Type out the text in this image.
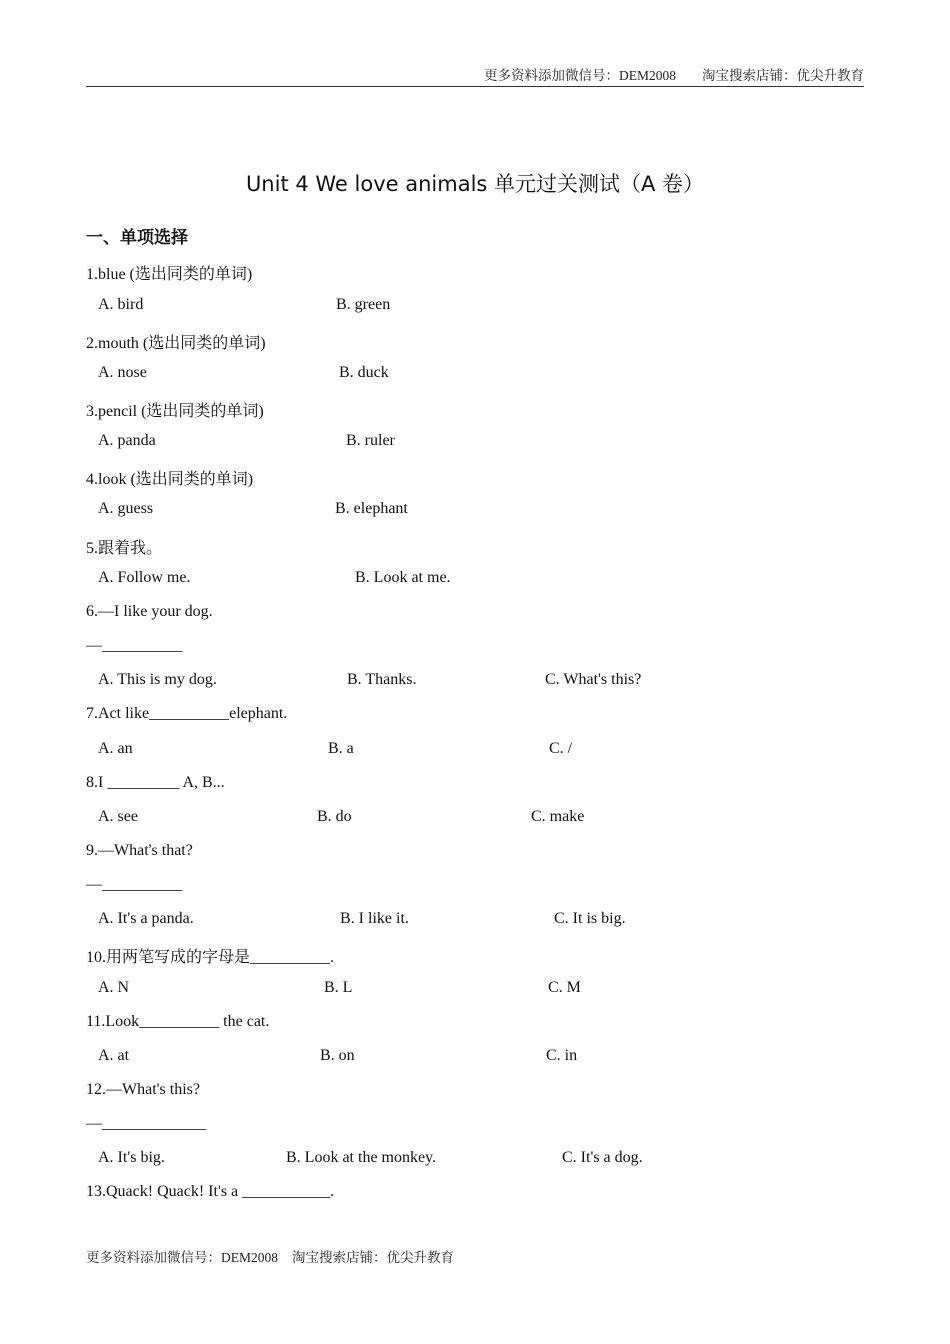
更多资料添加微信号：DEM2008 淘宝搜索店铺：优尖升教育
Unit 4 We love animals 单元过关测试（A 卷）
一、单项选择
1.blue (选出同类的单词)
A. bird	B. green
2.mouth (选出同类的单词)
A. nose	B. duck
3.pencil (选出同类的单词)
A. panda	B. ruler
4.look (选出同类的单词)
A. guess	B. elephant
5.跟着我。
A. Follow me.	B. Look at me.
6.—I like your dog.
—__________
A. This is my dog.	B. Thanks.	C. What's this?
7.Act like__________elephant.
A. an	B. a	C. /
8.I _________ A, B...
A. see	B. do	C. make
9.—What's that?
—__________
A. It's a panda.	B. I like it.	C. It is big.
10.用两笔写成的字母是__________.
A. N	B. L	C. M
11.Look__________ the cat.
A. at	B. on	C. in
12.—What's this?
—_____________
A. It's big.	B. Look at the monkey.	C. It's a dog.
13.Quack! Quack! It's a ___________.
更多资料添加微信号：DEM2008 淘宝搜索店铺：优尖升教育
